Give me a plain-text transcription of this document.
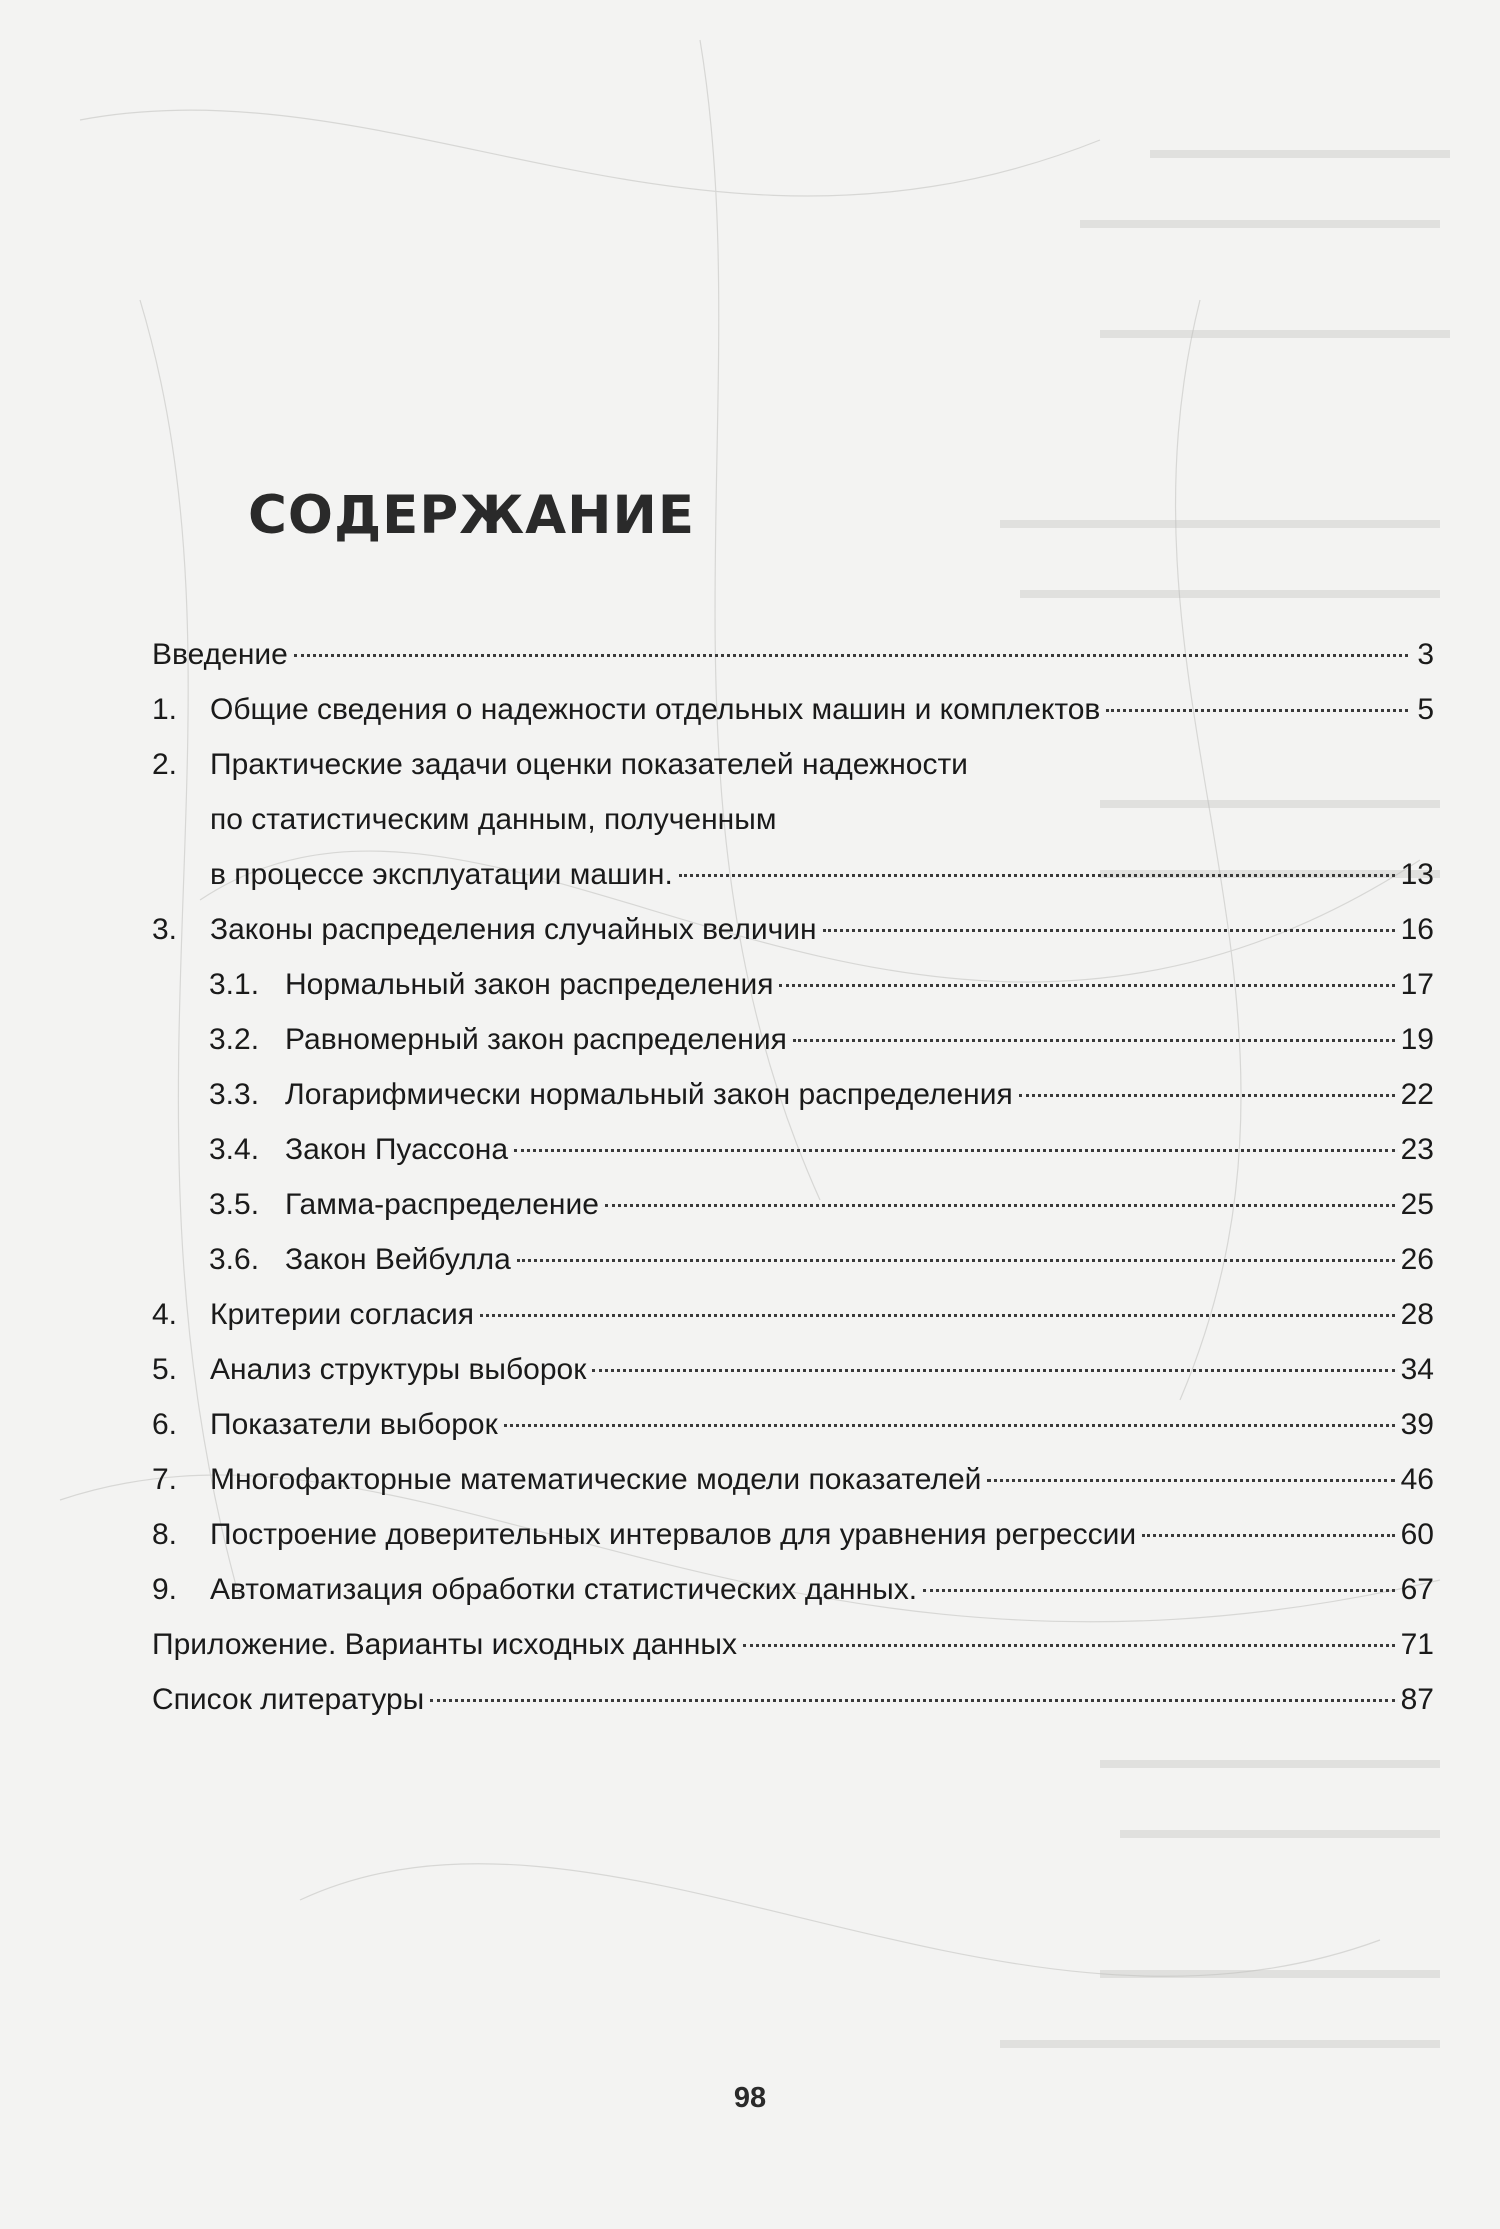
СОДЕРЖАНИЕ
Введение	3
1.	Общие сведения о надежности отдельных машин и комплектов	5
2.	Практические задачи оценки показателей надежности
по статистическим данным, полученным
в процессе эксплуатации машин.	13
3.	Законы распределения случайных величин	16
3.1. Нормальный закон распределения	17
3.2. Равномерный закон распределения	19
3.3. Логарифмически нормальный закон распределения	22
3.4. Закон Пуассона	23
3.5. Гамма-распределение	25
3.6. Закон Вейбулла	26
4.	Критерии согласия	28
5.	Анализ структуры выборок	34
6.	Показатели выборок	39
7.	Многофакторные математические модели показателей	46
8.	Построение доверительных интервалов для уравнения регрессии	60
9.	Автоматизация обработки статистических данных.	67
Приложение. Варианты исходных данных	71
Список литературы	87
98
